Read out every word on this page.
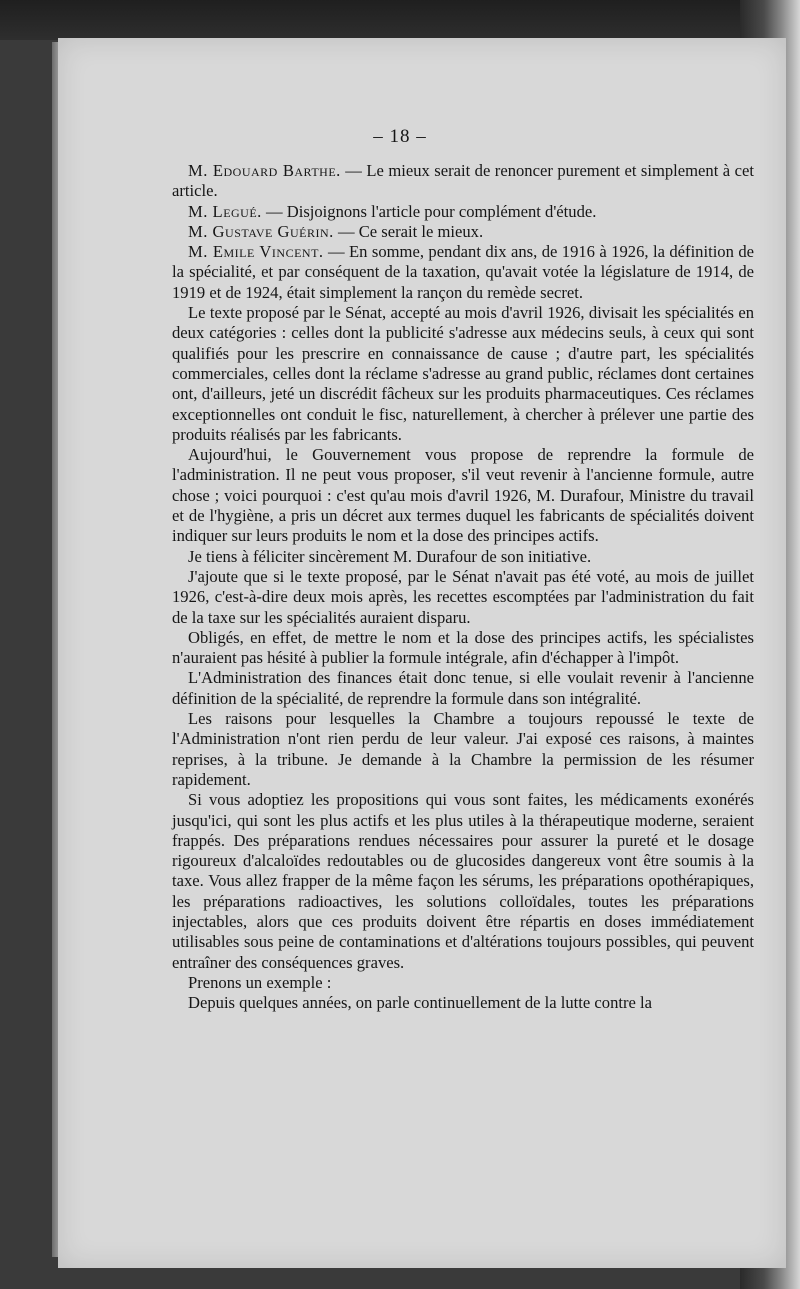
– 18 –

M. Edouard Barthe. — Le mieux serait de renoncer purement et simplement à cet article.

M. Legué. — Disjoignons l'article pour complément d'étude.

M. Gustave Guérin. — Ce serait le mieux.

M. Emile Vincent. — En somme, pendant dix ans, de 1916 à 1926, la définition de la spécialité, et par conséquent de la taxation, qu'avait votée la législature de 1914, de 1919 et de 1924, était simplement la rançon du remède secret.

Le texte proposé par le Sénat, accepté au mois d'avril 1926, divisait les spécialités en deux catégories : celles dont la publicité s'adresse aux médecins seuls, à ceux qui sont qualifiés pour les prescrire en connaissance de cause ; d'autre part, les spécialités commerciales, celles dont la réclame s'adresse au grand public, réclames dont certaines ont, d'ailleurs, jeté un discrédit fâcheux sur les produits pharmaceutiques. Ces réclames exceptionnelles ont conduit le fisc, naturellement, à chercher à prélever une partie des produits réalisés par les fabricants.

Aujourd'hui, le Gouvernement vous propose de reprendre la formule de l'administration. Il ne peut vous proposer, s'il veut revenir à l'ancienne formule, autre chose ; voici pourquoi : c'est qu'au mois d'avril 1926, M. Durafour, Ministre du travail et de l'hygiène, a pris un décret aux termes duquel les fabricants de spécialités doivent indiquer sur leurs produits le nom et la dose des principes actifs.

Je tiens à féliciter sincèrement M. Durafour de son initiative.

J'ajoute que si le texte proposé, par le Sénat n'avait pas été voté, au mois de juillet 1926, c'est-à-dire deux mois après, les recettes escomptées par l'administration du fait de la taxe sur les spécialités auraient disparu.

Obligés, en effet, de mettre le nom et la dose des principes actifs, les spécialistes n'auraient pas hésité à publier la formule intégrale, afin d'échapper à l'impôt.

L'Administration des finances était donc tenue, si elle voulait revenir à l'ancienne définition de la spécialité, de reprendre la formule dans son intégralité.

Les raisons pour lesquelles la Chambre a toujours repoussé le texte de l'Administration n'ont rien perdu de leur valeur. J'ai exposé ces raisons, à maintes reprises, à la tribune. Je demande à la Chambre la permission de les résumer rapidement.

Si vous adoptiez les propositions qui vous sont faites, les médicaments exonérés jusqu'ici, qui sont les plus actifs et les plus utiles à la thérapeutique moderne, seraient frappés. Des préparations rendues nécessaires pour assurer la pureté et le dosage rigoureux d'alcaloïdes redoutables ou de glucosides dangereux vont être soumis à la taxe. Vous allez frapper de la même façon les sérums, les préparations opothérapiques, les préparations radioactives, les solutions colloïdales, toutes les préparations injectables, alors que ces produits doivent être répartis en doses immédiatement utilisables sous peine de contaminations et d'altérations toujours possibles, qui peuvent entraîner des conséquences graves.

Prenons un exemple :

Depuis quelques années, on parle continuellement de la lutte contre la
